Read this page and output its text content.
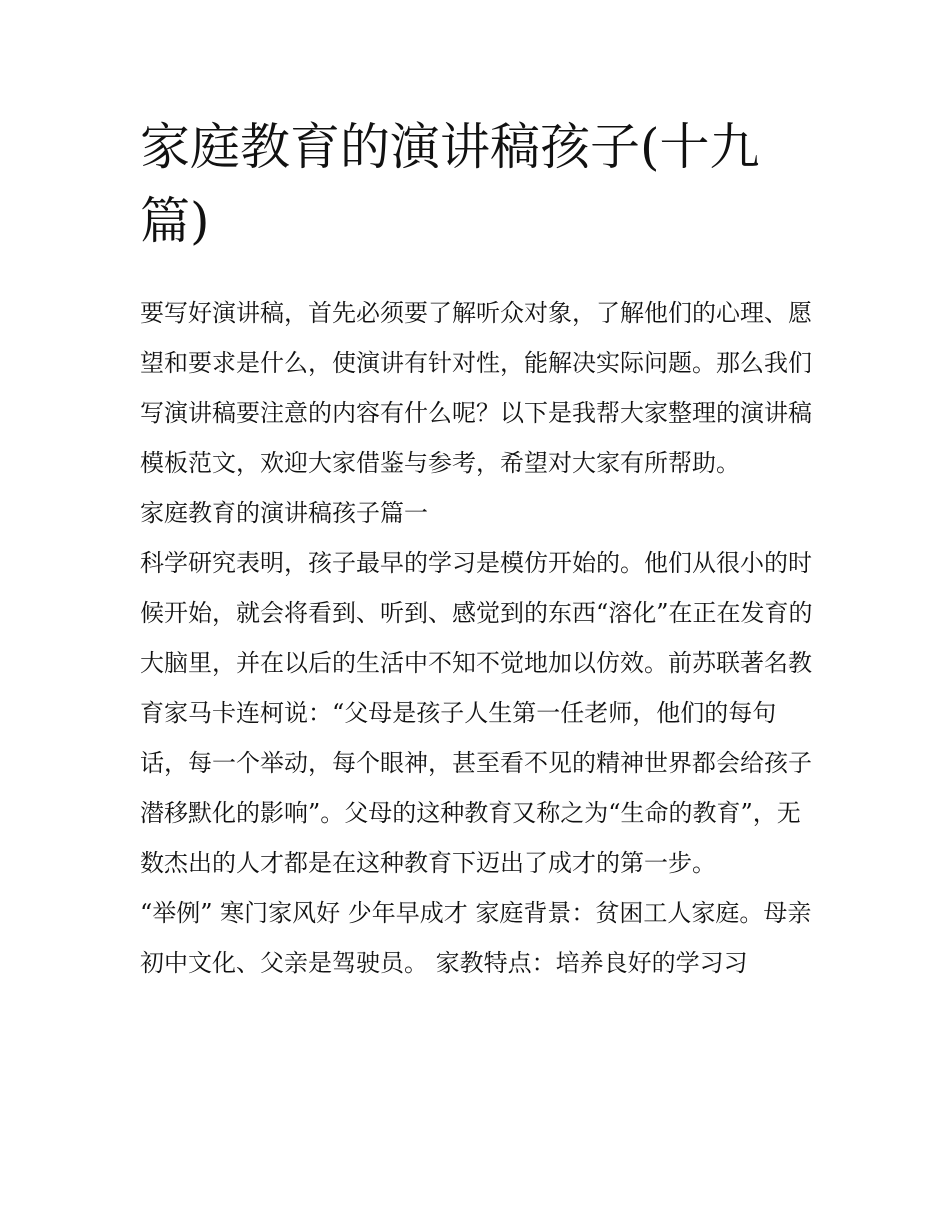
家庭教育的演讲稿孩子(十九篇)

要写好演讲稿，首先必须要了解听众对象，了解他们的心理、愿望和要求是什么，使演讲有针对性，能解决实际问题。那么我们写演讲稿要注意的内容有什么呢？以下是我帮大家整理的演讲稿模板范文，欢迎大家借鉴与参考，希望对大家有所帮助。

家庭教育的演讲稿孩子篇一

科学研究表明，孩子最早的学习是模仿开始的。他们从很小的时候开始，就会将看到、听到、感觉到的东西“溶化”在正在发育的大脑里，并在以后的生活中不知不觉地加以仿效。前苏联著名教育家马卡连柯说：“父母是孩子人生第一任老师，他们的每句话，每一个举动，每个眼神，甚至看不见的精神世界都会给孩子潜移默化的影响”。父母的这种教育又称之为“生命的教育”，无数杰出的人才都是在这种教育下迈出了成才的第一步。

“举例” 寒门家风好 少年早成才 家庭背景：贫困工人家庭。母亲初中文化、父亲是驾驶员。 家教特点：培养良好的学习习
